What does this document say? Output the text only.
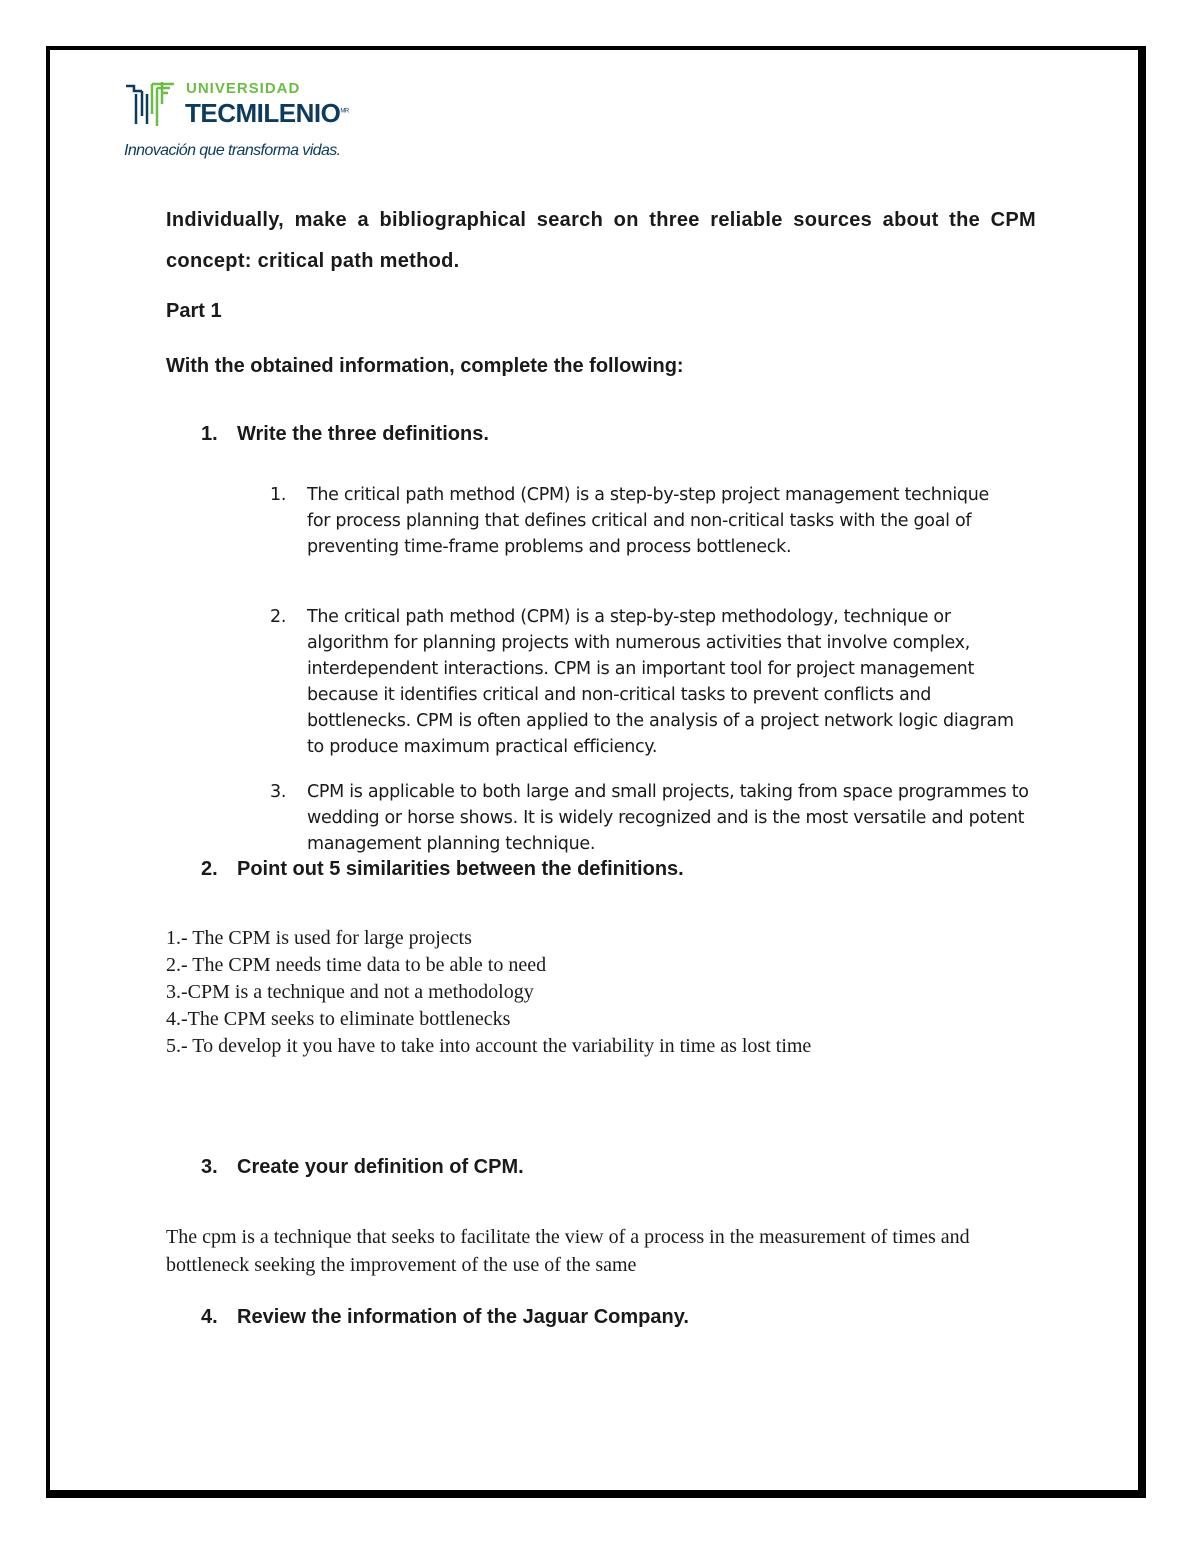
UNIVERSIDAD
$TECMILENIO^{MR}$
Innovación que transforma vidas.
Individually, make a bibliographical search on three reliable sources about the CPM concept: critical path method.
Part 1
With the obtained information, complete the following:
1. Write the three definitions.
1. The critical path method (CPM) is a step-by-step project management technique for process planning that defines critical and non-critical tasks with the goal of preventing time-frame problems and process bottleneck.
2. The critical path method (CPM) is a step-by-step methodology, technique or algorithm for planning projects with numerous activities that involve complex, interdependent interactions. CPM is an important tool for project management because it identifies critical and non-critical tasks to prevent conflicts and bottlenecks. CPM is often applied to the analysis of a project network logic diagram to produce maximum practical efficiency.
3. CPM is applicable to both large and small projects, taking from space programmes to wedding or horse shows. It is widely recognized and is the most versatile and potent management planning technique.
2. Point out 5 similarities between the definitions.
1.- The CPM is used for large projects
2.- The CPM needs time data to be able to need
3.-CPM is a technique and not a methodology
4.-The CPM seeks to eliminate bottlenecks
5.- To develop it you have to take into account the variability in time as lost time
3. Create your definition of CPM.
The cpm is a technique that seeks to facilitate the view of a process in the measurement of times and bottleneck seeking the improvement of the use of the same
4. Review the information of the Jaguar Company.
